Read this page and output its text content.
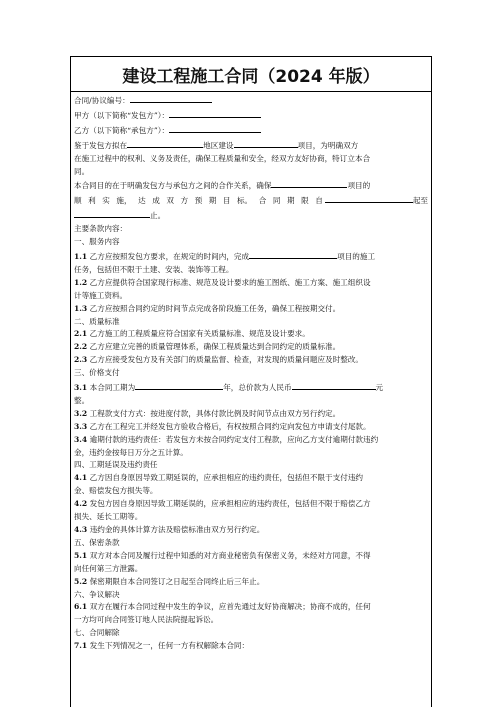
建设工程施工合同（2024 年版）
合同/协议编号：
甲方（以下简称“发包方”）：
乙方（以下简称“承包方”）：
鉴于发包方拟在	地区建设	项目，为明确双方
在施工过程中的权利、义务及责任，确保工程质量和安全，经双方友好协商，特订立本合
同。
本合同目的在于明确发包方与承包方之间的合作关系，确保	项目的
顺 利 实 施， 达 成 双 方 预 期 目 标。 合 同 期 限 自	起至
止。
主要条款内容：
一、服务内容
1.1 乙方应按照发包方要求，在规定的时间内，完成	项目的施工
任务，包括但不限于土建、安装、装饰等工程。
1.2 乙方应提供符合国家现行标准、规范及设计要求的施工图纸、施工方案、施工组织设
计等施工资料。
1.3 乙方应按照合同约定的时间节点完成各阶段施工任务，确保工程按期交付。
二、质量标准
2.1 乙方施工的工程质量应符合国家有关质量标准、规范及设计要求。
2.2 乙方应建立完善的质量管理体系，确保工程质量达到合同约定的质量标准。
2.3 乙方应接受发包方及有关部门的质量监督、检查，对发现的质量问题应及时整改。
三、价格支付
3.1 本合同工期为	年，总价款为人民币	元
整。
3.2 工程款支付方式：按进度付款，具体付款比例及时间节点由双方另行约定。
3.3 乙方在工程完工并经发包方验收合格后，有权按照合同约定向发包方申请支付尾款。
3.4 逾期付款的违约责任：若发包方未按合同约定支付工程款，应向乙方支付逾期付款违约
金，违约金按每日万分之五计算。
四、工期延误及违约责任
4.1 乙方因自身原因导致工期延误的，应承担相应的违约责任，包括但不限于支付违约
金、赔偿发包方损失等。
4.2 发包方因自身原因导致工期延误的，应承担相应的违约责任，包括但不限于赔偿乙方
损失、延长工期等。
4.3 违约金的具体计算方法及赔偿标准由双方另行约定。
五、保密条款
5.1 双方对本合同及履行过程中知悉的对方商业秘密负有保密义务，未经对方同意，不得
向任何第三方泄露。
5.2 保密期限自本合同签订之日起至合同终止后三年止。
六、争议解决
6.1 双方在履行本合同过程中发生的争议，应首先通过友好协商解决；协商不成的，任何
一方均可向合同签订地人民法院提起诉讼。
七、合同解除
7.1 发生下列情况之一，任何一方有权解除本合同：
